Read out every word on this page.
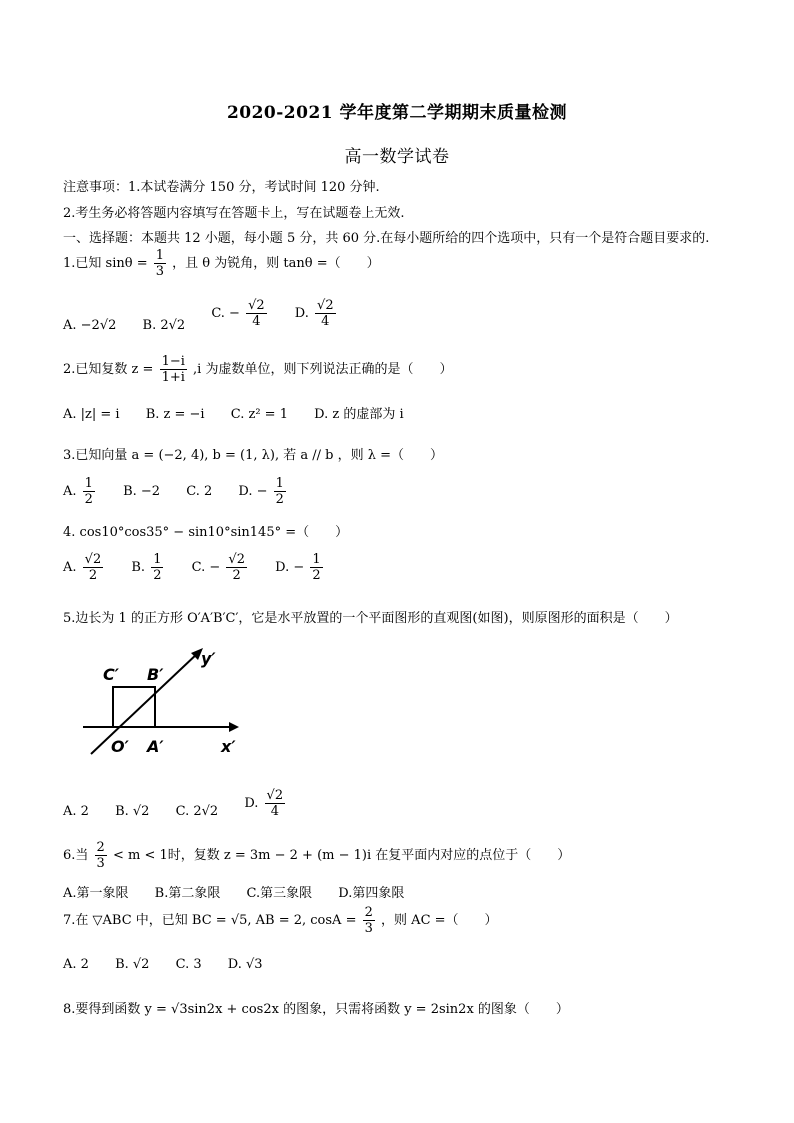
2020-2021 学年度第二学期期末质量检测
高一数学试卷
注意事项：1.本试卷满分 150 分，考试时间 120 分钟.
2.考生务必将答题内容填写在答题卡上，写在试题卷上无效.
一、选择题：本题共 12 小题，每小题 5 分，共 60 分.在每小题所给的四个选项中，只有一个是符合题目要求的.
1.已知 $\sin\theta = \frac{1}{3}$ ，且 θ 为锐角，则 tanθ =（　　）
A. −2√2 B. 2√2 C. − $\frac{√2}{4} D$. $\frac{√2}{4}$
2.已知复数 $z = \frac{1-i}{1+i} ,i$ 为虚数单位，则下列说法正确的是（　　）
A. |z| = i B. z = −i C. z² = 1 D. z 的虚部为 i
3.已知向量 a = (−2, 4), b = (1, λ), 若 a // b ，则 λ =（　　）
A. $\frac{1}{2} B$. −2 C. 2 D. − $\frac{1}{2}$
4. cos10°cos35° − sin10°sin145° =（　　）
A. $\frac{√2}{2} B$. $\frac{1}{2} C$. − $\frac{√2}{2} D$. − $\frac{1}{2}$
5.边长为 1 的正方形 O′A′B′C′，它是水平放置的一个平面图形的直观图(如图)，则原图形的面积是（　　）
C′ B′
O′ A′	x′
y′
A. 2 B. √2 C. 2√2 D. $\frac{√2}{4}$
6.当 $\frac{2}{3} < m < 1$时，复数 z = 3m − 2 + (m − 1)i 在复平面内对应的点位于（　　）
A.第一象限 B.第二象限 C.第三象限 D.第四象限
7.在 ▽ABC 中，已知 BC = √5, AB = 2, $\cos A = \frac{2}{3}$ ，则 AC =（　　）
A. 2 B. √2 C. 3 D. √3
8.要得到函数 y = √3sin2x + cos2x 的图象，只需将函数 y = 2sin2x 的图象（　　）
